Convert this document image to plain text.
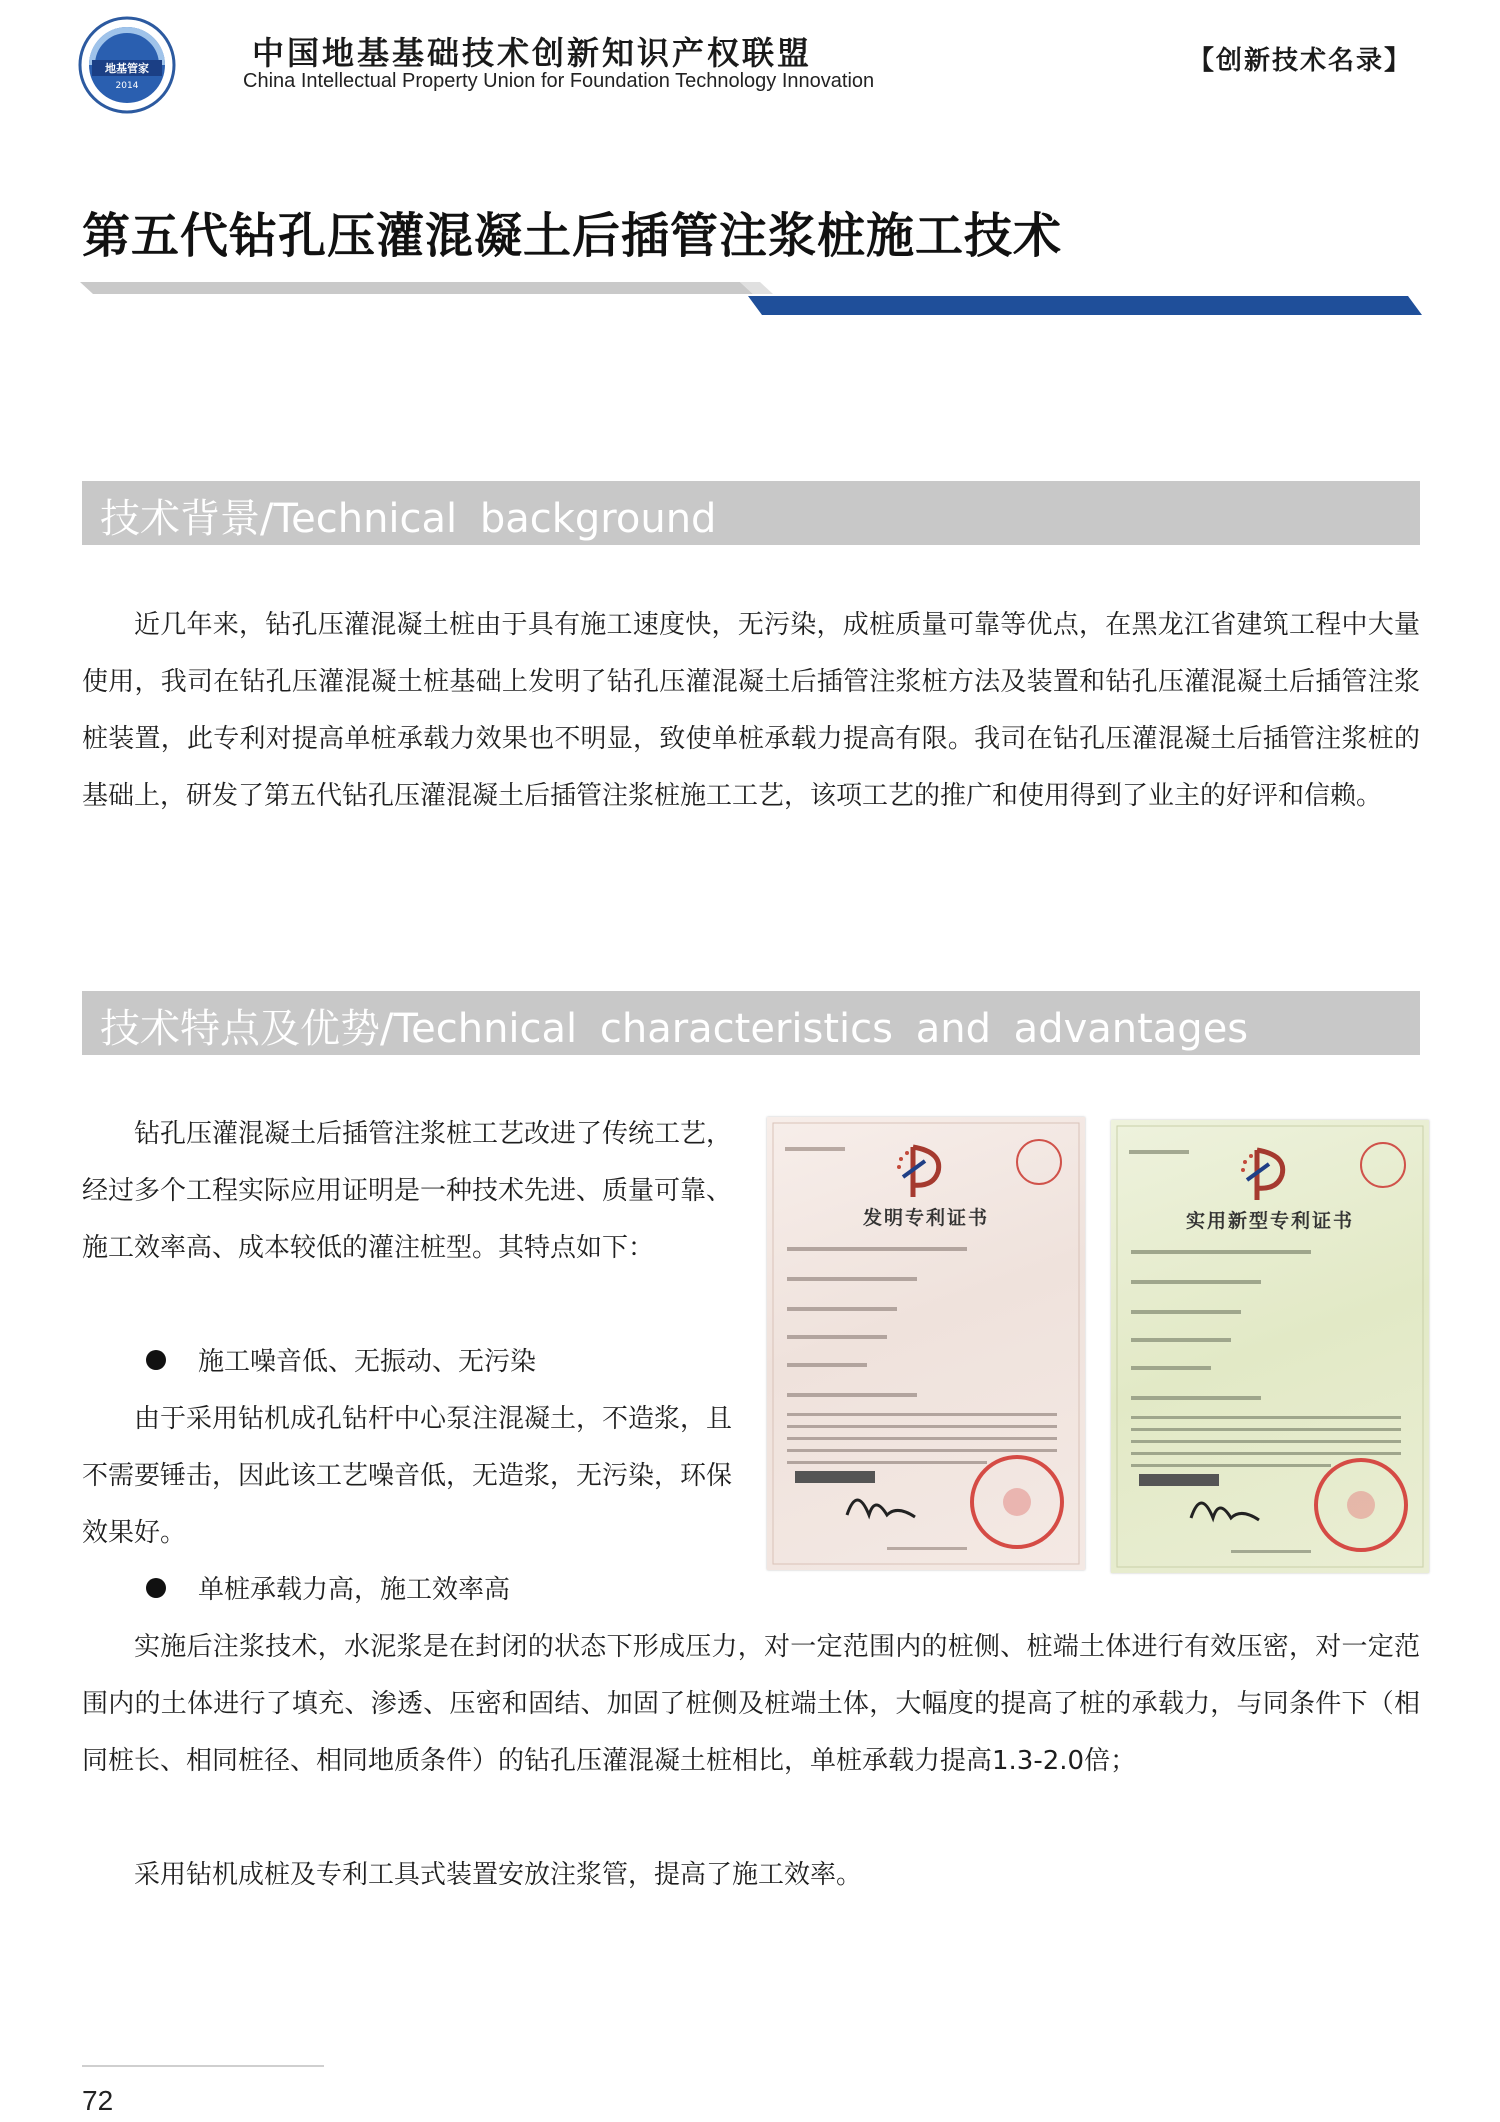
地基管家
2014
中国地基基础技术创新知识产权联盟
China Intellectual Property Union for Foundation Technology Innovation
【创新技术名录】
第五代钻孔压灌混凝土后插管注浆桩施工技术
技术背景/Technical background
近几年来，钻孔压灌混凝土桩由于具有施工速度快，无污染，成桩质量可靠等优点，在黑龙江省建筑工程中大量使用，我司在钻孔压灌混凝土桩基础上发明了钻孔压灌混凝土后插管注浆桩方法及装置和钻孔压灌混凝土后插管注浆桩装置，此专利对提高单桩承载力效果也不明显，致使单桩承载力提高有限。我司在钻孔压灌混凝土后插管注浆桩的基础上，研发了第五代钻孔压灌混凝土后插管注浆桩施工工艺，该项工艺的推广和使用得到了业主的好评和信赖。
技术特点及优势/Technical characteristics and advantages
钻孔压灌混凝土后插管注浆桩工艺改进了传统工艺，经过多个工程实际应用证明是一种技术先进、质量可靠、施工效率高、成本较低的灌注桩型。其特点如下：
施工噪音低、无振动、无污染
由于采用钻机成孔钻杆中心泵注混凝土，不造浆，且不需要锤击，因此该工艺噪音低，无造浆，无污染，环保效果好。
单桩承载力高，施工效率高
实施后注浆技术，水泥浆是在封闭的状态下形成压力，对一定范围内的桩侧、桩端土体进行有效压密，对一定范围内的土体进行了填充、渗透、压密和固结、加固了桩侧及桩端土体，大幅度的提高了桩的承载力，与同条件下（相同桩长、相同桩径、相同地质条件）的钻孔压灌混凝土桩相比，单桩承载力提高1.3-2.0倍；
采用钻机成桩及专利工具式装置安放注浆管，提高了施工效率。
发明专利证书	实用新型专利证书
72
